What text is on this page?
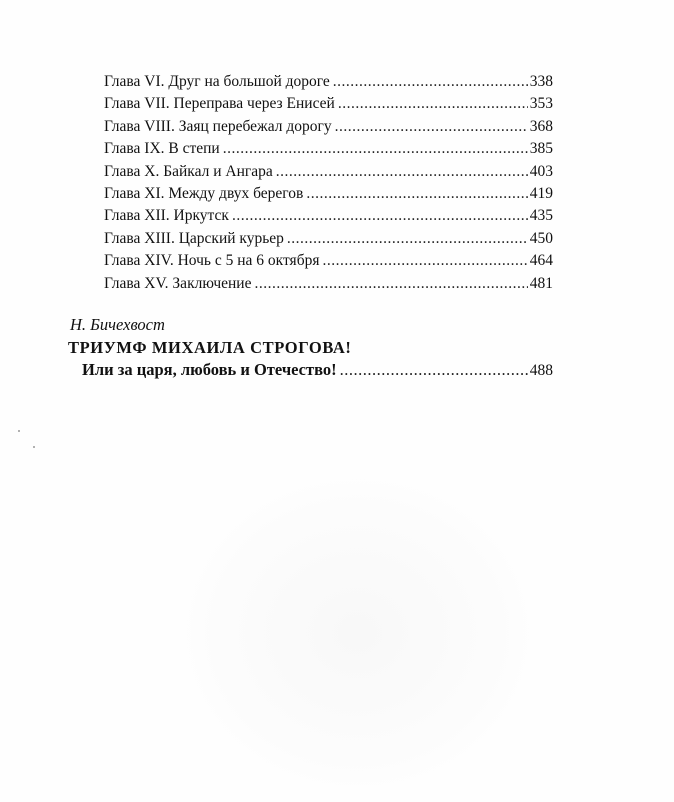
Глава VI. Друг на большой дороге .....	338
Глава VII. Переправа через Енисей .....	353
Глава VIII. Заяц перебежал дорогу .....	368
Глава IX. В степи .....	385
Глава X. Байкал и Ангара .....	403
Глава XI. Между двух берегов .....	419
Глава XII. Иркутск .....	435
Глава XIII. Царский курьер .....	450
Глава XIV. Ночь с 5 на 6 октября .....	464
Глава XV. Заключение .....	481
Н. Бичехвост
ТРИУМФ МИХАИЛА СТРОГОВА!
Или за царя, любовь и Отечество! .....	488
